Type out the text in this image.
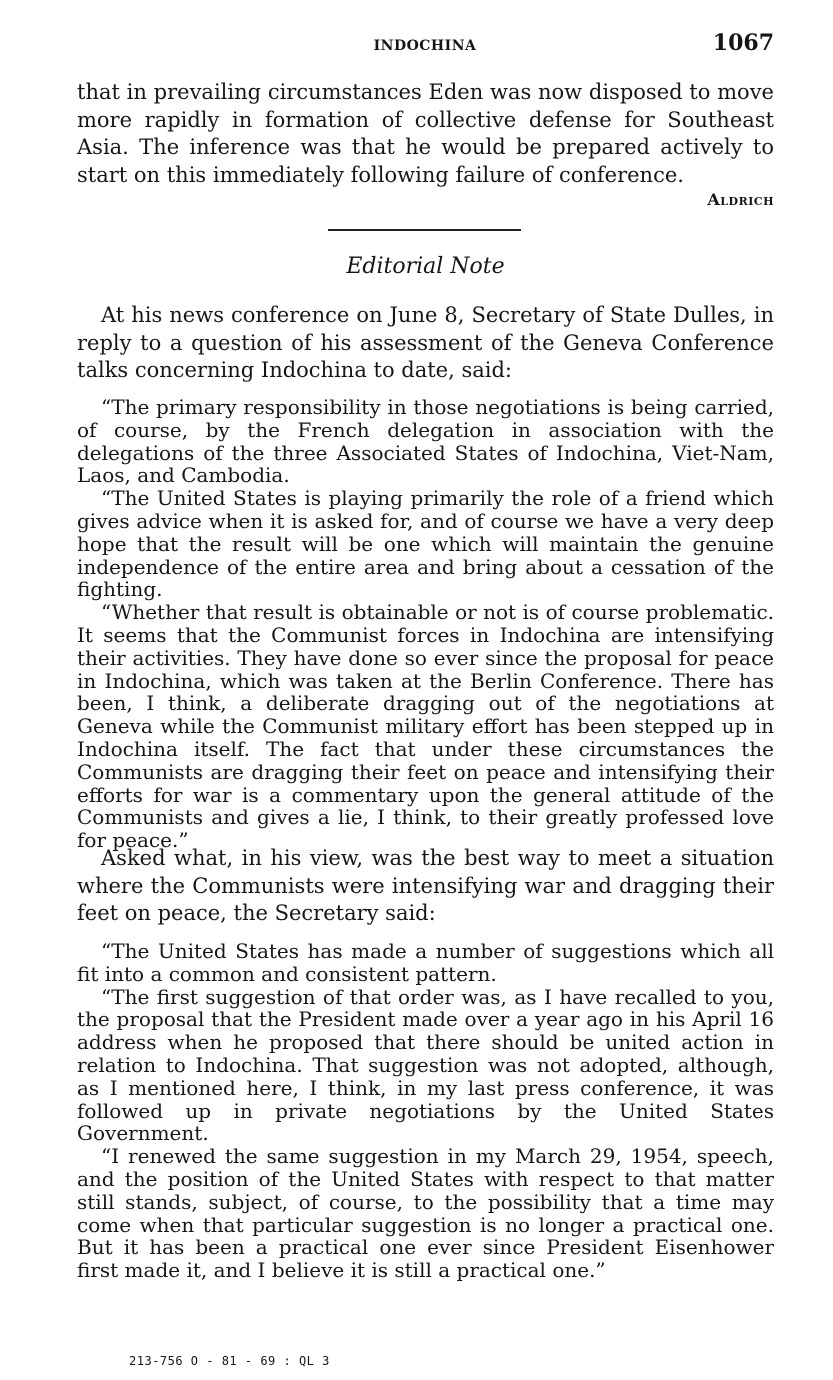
INDOCHINA	1067

that in prevailing circumstances Eden was now disposed to move more rapidly in formation of collective defense for Southeast Asia. The inference was that he would be prepared actively to start on this immediately following failure of conference.

Aldrich
Editorial Note

At his news conference on June 8, Secretary of State Dulles, in reply to a question of his assessment of the Geneva Conference talks concerning Indochina to date, said:

“The primary responsibility in those negotiations is being carried, of course, by the French delegation in association with the delegations of the three Associated States of Indochina, Viet-Nam, Laos, and Cambodia.

“The United States is playing primarily the role of a friend which gives advice when it is asked for, and of course we have a very deep hope that the result will be one which will maintain the genuine independence of the entire area and bring about a cessation of the fighting.

“Whether that result is obtainable or not is of course problematic. It seems that the Communist forces in Indochina are intensifying their activities. They have done so ever since the proposal for peace in Indochina, which was taken at the Berlin Conference. There has been, I think, a deliberate dragging out of the negotiations at Geneva while the Communist military effort has been stepped up in Indochina itself. The fact that under these circumstances the Communists are dragging their feet on peace and intensifying their efforts for war is a commentary upon the general attitude of the Communists and gives a lie, I think, to their greatly professed love for peace.”

Asked what, in his view, was the best way to meet a situation where the Communists were intensifying war and dragging their feet on peace, the Secretary said:

“The United States has made a number of suggestions which all fit into a common and consistent pattern.

“The first suggestion of that order was, as I have recalled to you, the proposal that the President made over a year ago in his April 16 address when he proposed that there should be united action in relation to Indochina. That suggestion was not adopted, although, as I mentioned here, I think, in my last press conference, it was followed up in private negotiations by the United States Government.

“I renewed the same suggestion in my March 29, 1954, speech, and the position of the United States with respect to that matter still stands, subject, of course, to the possibility that a time may come when that particular suggestion is no longer a practical one. But it has been a practical one ever since President Eisenhower first made it, and I believe it is still a practical one.”

213-756 O - 81 - 69 : QL 3
